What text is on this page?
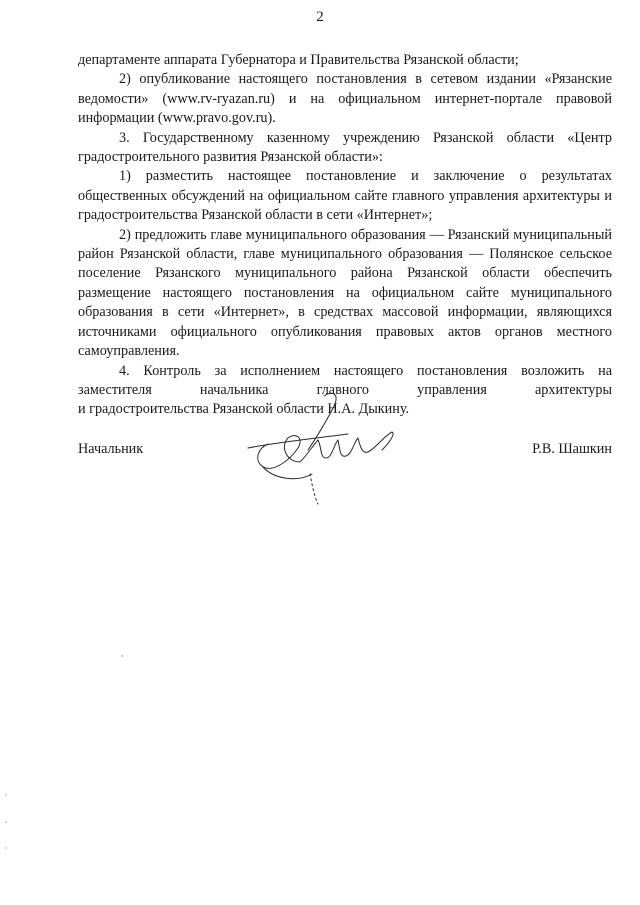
2

департаменте аппарата Губернатора и Правительства Рязанской области;

2) опубликование настоящего постановления в сетевом издании «Рязанские ведомости» (www.rv-ryazan.ru) и на официальном интернет-портале правовой информации (www.pravo.gov.ru).

3. Государственному казенному учреждению Рязанской области «Центр градостроительного развития Рязанской области»:

1) разместить настоящее постановление и заключение о результатах общественных обсуждений на официальном сайте главного управления архитектуры и градостроительства Рязанской области в сети «Интернет»;

2) предложить главе муниципального образования — Рязанский муниципальный район Рязанской области, главе муниципального образования — Полянское сельское поселение Рязанского муниципального района Рязанской области обеспечить размещение настоящего постановления на официальном сайте муниципального образования в сети «Интернет», в средствах массовой информации, являющихся источниками официального опубликования правовых актов органов местного самоуправления.

4. Контроль за исполнением настоящего постановления возложить на заместителя начальника главного управления архитектуры

и градостроительства Рязанской области Н.А. Дыкину.

Начальник	Р.В. Шашкин
